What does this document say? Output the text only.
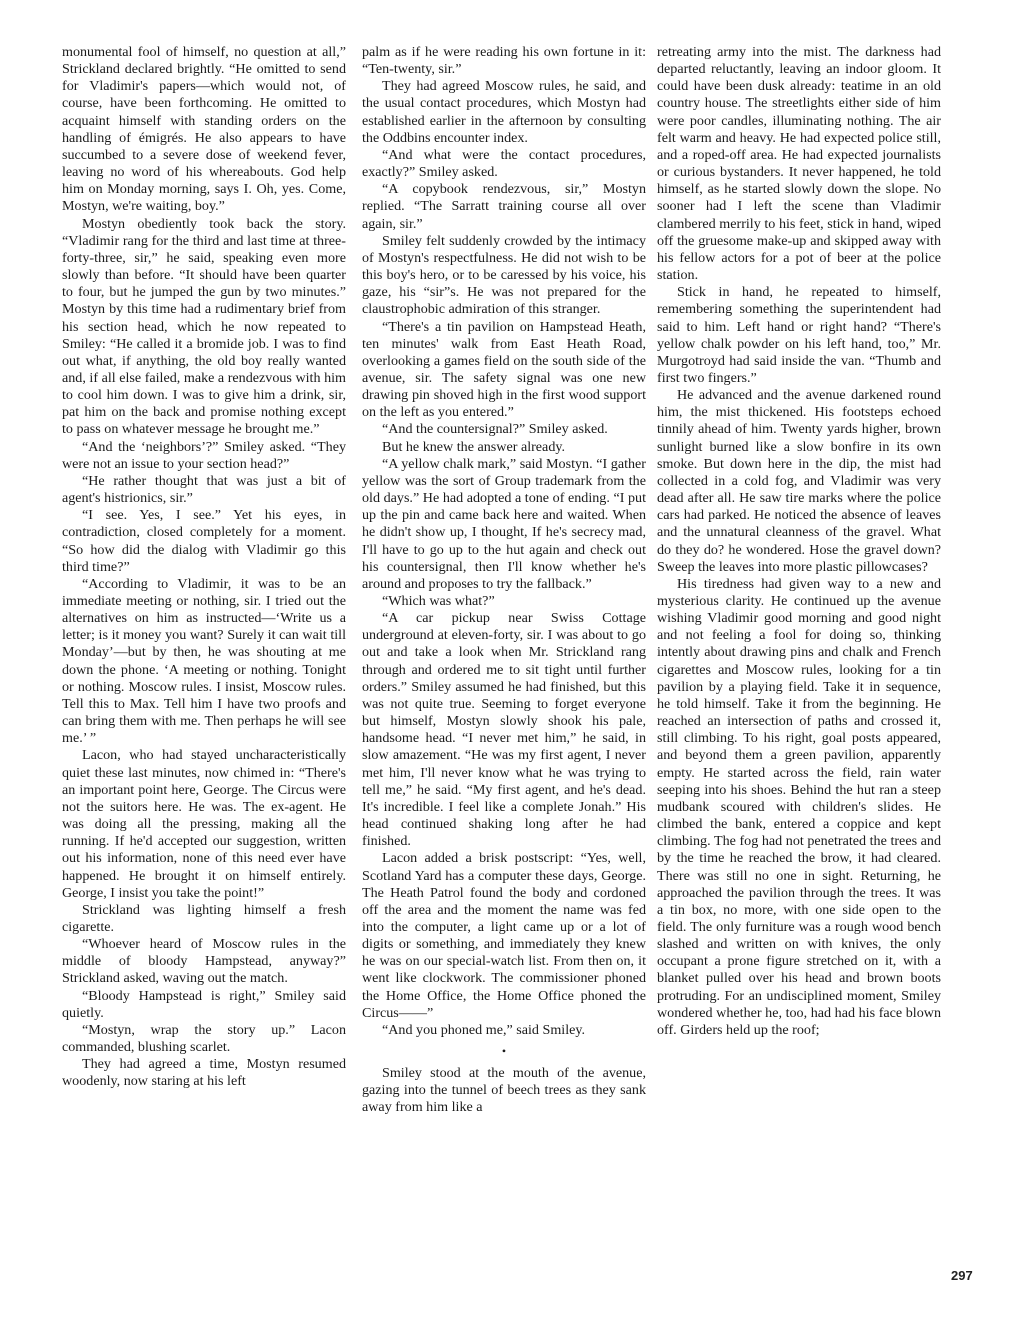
monumental fool of himself, no question at all,” Strickland declared brightly. “He omitted to send for Vladimir's papers—which would not, of course, have been forthcoming. He omitted to acquaint himself with standing orders on the handling of émigrés. He also appears to have succumbed to a severe dose of weekend fever, leaving no word of his whereabouts. God help him on Monday morning, says I. Oh, yes. Come, Mostyn, we're waiting, boy.”

Mostyn obediently took back the story. “Vladimir rang for the third and last time at three-forty-three, sir,” he said, speaking even more slowly than before. “It should have been quarter to four, but he jumped the gun by two minutes.” Mostyn by this time had a rudimentary brief from his section head, which he now repeated to Smiley: “He called it a bromide job. I was to find out what, if anything, the old boy really wanted and, if all else failed, make a rendezvous with him to cool him down. I was to give him a drink, sir, pat him on the back and promise nothing except to pass on whatever message he brought me.”

“And the ‘neighbors’?” Smiley asked. “They were not an issue to your section head?”

“He rather thought that was just a bit of agent's histrionics, sir.”

“I see. Yes, I see.” Yet his eyes, in contradiction, closed completely for a moment. “So how did the dialog with Vladimir go this third time?”

“According to Vladimir, it was to be an immediate meeting or nothing, sir. I tried out the alternatives on him as instructed—‘Write us a letter; is it money you want? Surely it can wait till Monday’—but by then, he was shouting at me down the phone. ‘A meeting or nothing. Tonight or nothing. Moscow rules. I insist, Moscow rules. Tell this to Max. Tell him I have two proofs and can bring them with me. Then perhaps he will see me.’ ”

Lacon, who had stayed uncharacteristically quiet these last minutes, now chimed in: “There's an important point here, George. The Circus were not the suitors here. He was. The ex-agent. He was doing all the pressing, making all the running. If he'd accepted our suggestion, written out his information, none of this need ever have happened. He brought it on himself entirely. George, I insist you take the point!”

Strickland was lighting himself a fresh cigarette.

“Whoever heard of Moscow rules in the middle of bloody Hampstead, anyway?” Strickland asked, waving out the match.

“Bloody Hampstead is right,” Smiley said quietly.

“Mostyn, wrap the story up.” Lacon commanded, blushing scarlet.

They had agreed a time, Mostyn resumed woodenly, now staring at his left

palm as if he were reading his own fortune in it: “Ten-twenty, sir.”

They had agreed Moscow rules, he said, and the usual contact procedures, which Mostyn had established earlier in the afternoon by consulting the Oddbins encounter index.

“And what were the contact procedures, exactly?” Smiley asked.

“A copybook rendezvous, sir,” Mostyn replied. “The Sarratt training course all over again, sir.”

Smiley felt suddenly crowded by the intimacy of Mostyn's respectfulness. He did not wish to be this boy's hero, or to be caressed by his voice, his gaze, his “sir”s. He was not prepared for the claustrophobic admiration of this stranger.

“There's a tin pavilion on Hampstead Heath, ten minutes' walk from East Heath Road, overlooking a games field on the south side of the avenue, sir. The safety signal was one new drawing pin shoved high in the first wood support on the left as you entered.”

“And the countersignal?” Smiley asked.

But he knew the answer already.

“A yellow chalk mark,” said Mostyn. “I gather yellow was the sort of Group trademark from the old days.” He had adopted a tone of ending. “I put up the pin and came back here and waited. When he didn't show up, I thought, If he's secrecy mad, I'll have to go up to the hut again and check out his countersignal, then I'll know whether he's around and proposes to try the fallback.”

“Which was what?”

“A car pickup near Swiss Cottage underground at eleven-forty, sir. I was about to go out and take a look when Mr. Strickland rang through and ordered me to sit tight until further orders.” Smiley assumed he had finished, but this was not quite true. Seeming to forget everyone but himself, Mostyn slowly shook his pale, handsome head. “I never met him,” he said, in slow amazement. “He was my first agent, I never met him, I'll never know what he was trying to tell me,” he said. “My first agent, and he's dead. It's incredible. I feel like a complete Jonah.” His head continued shaking long after he had finished.

Lacon added a brisk postscript: “Yes, well, Scotland Yard has a computer these days, George. The Heath Patrol found the body and cordoned off the area and the moment the name was fed into the computer, a light came up or a lot of digits or something, and immediately they knew he was on our special-watch list. From then on, it went like clockwork. The commissioner phoned the Home Office, the Home Office phoned the Circus——”

“And you phoned me,” said Smiley.

•

Smiley stood at the mouth of the avenue, gazing into the tunnel of beech trees as they sank away from him like a

retreating army into the mist. The darkness had departed reluctantly, leaving an indoor gloom. It could have been dusk already: teatime in an old country house. The streetlights either side of him were poor candles, illuminating nothing. The air felt warm and heavy. He had expected police still, and a roped-off area. He had expected journalists or curious bystanders. It never happened, he told himself, as he started slowly down the slope. No sooner had I left the scene than Vladimir clambered merrily to his feet, stick in hand, wiped off the gruesome make-up and skipped away with his fellow actors for a pot of beer at the police station.

Stick in hand, he repeated to himself, remembering something the superintendent had said to him. Left hand or right hand? “There's yellow chalk powder on his left hand, too,” Mr. Murgotroyd had said inside the van. “Thumb and first two fingers.”

He advanced and the avenue darkened round him, the mist thickened. His footsteps echoed tinnily ahead of him. Twenty yards higher, brown sunlight burned like a slow bonfire in its own smoke. But down here in the dip, the mist had collected in a cold fog, and Vladimir was very dead after all. He saw tire marks where the police cars had parked. He noticed the absence of leaves and the unnatural cleanness of the gravel. What do they do? he wondered. Hose the gravel down? Sweep the leaves into more plastic pillowcases?

His tiredness had given way to a new and mysterious clarity. He continued up the avenue wishing Vladimir good morning and good night and not feeling a fool for doing so, thinking intently about drawing pins and chalk and French cigarettes and Moscow rules, looking for a tin pavilion by a playing field. Take it in sequence, he told himself. Take it from the beginning. He reached an intersection of paths and crossed it, still climbing. To his right, goal posts appeared, and beyond them a green pavilion, apparently empty. He started across the field, rain water seeping into his shoes. Behind the hut ran a steep mudbank scoured with children's slides. He climbed the bank, entered a coppice and kept climbing. The fog had not penetrated the trees and by the time he reached the brow, it had cleared. There was still no one in sight. Returning, he approached the pavilion through the trees. It was a tin box, no more, with one side open to the field. The only furniture was a rough wood bench slashed and written on with knives, the only occupant a prone figure stretched on it, with a blanket pulled over his head and brown boots protruding. For an undisciplined moment, Smiley wondered whether he, too, had had his face blown off. Girders held up the roof;

297
